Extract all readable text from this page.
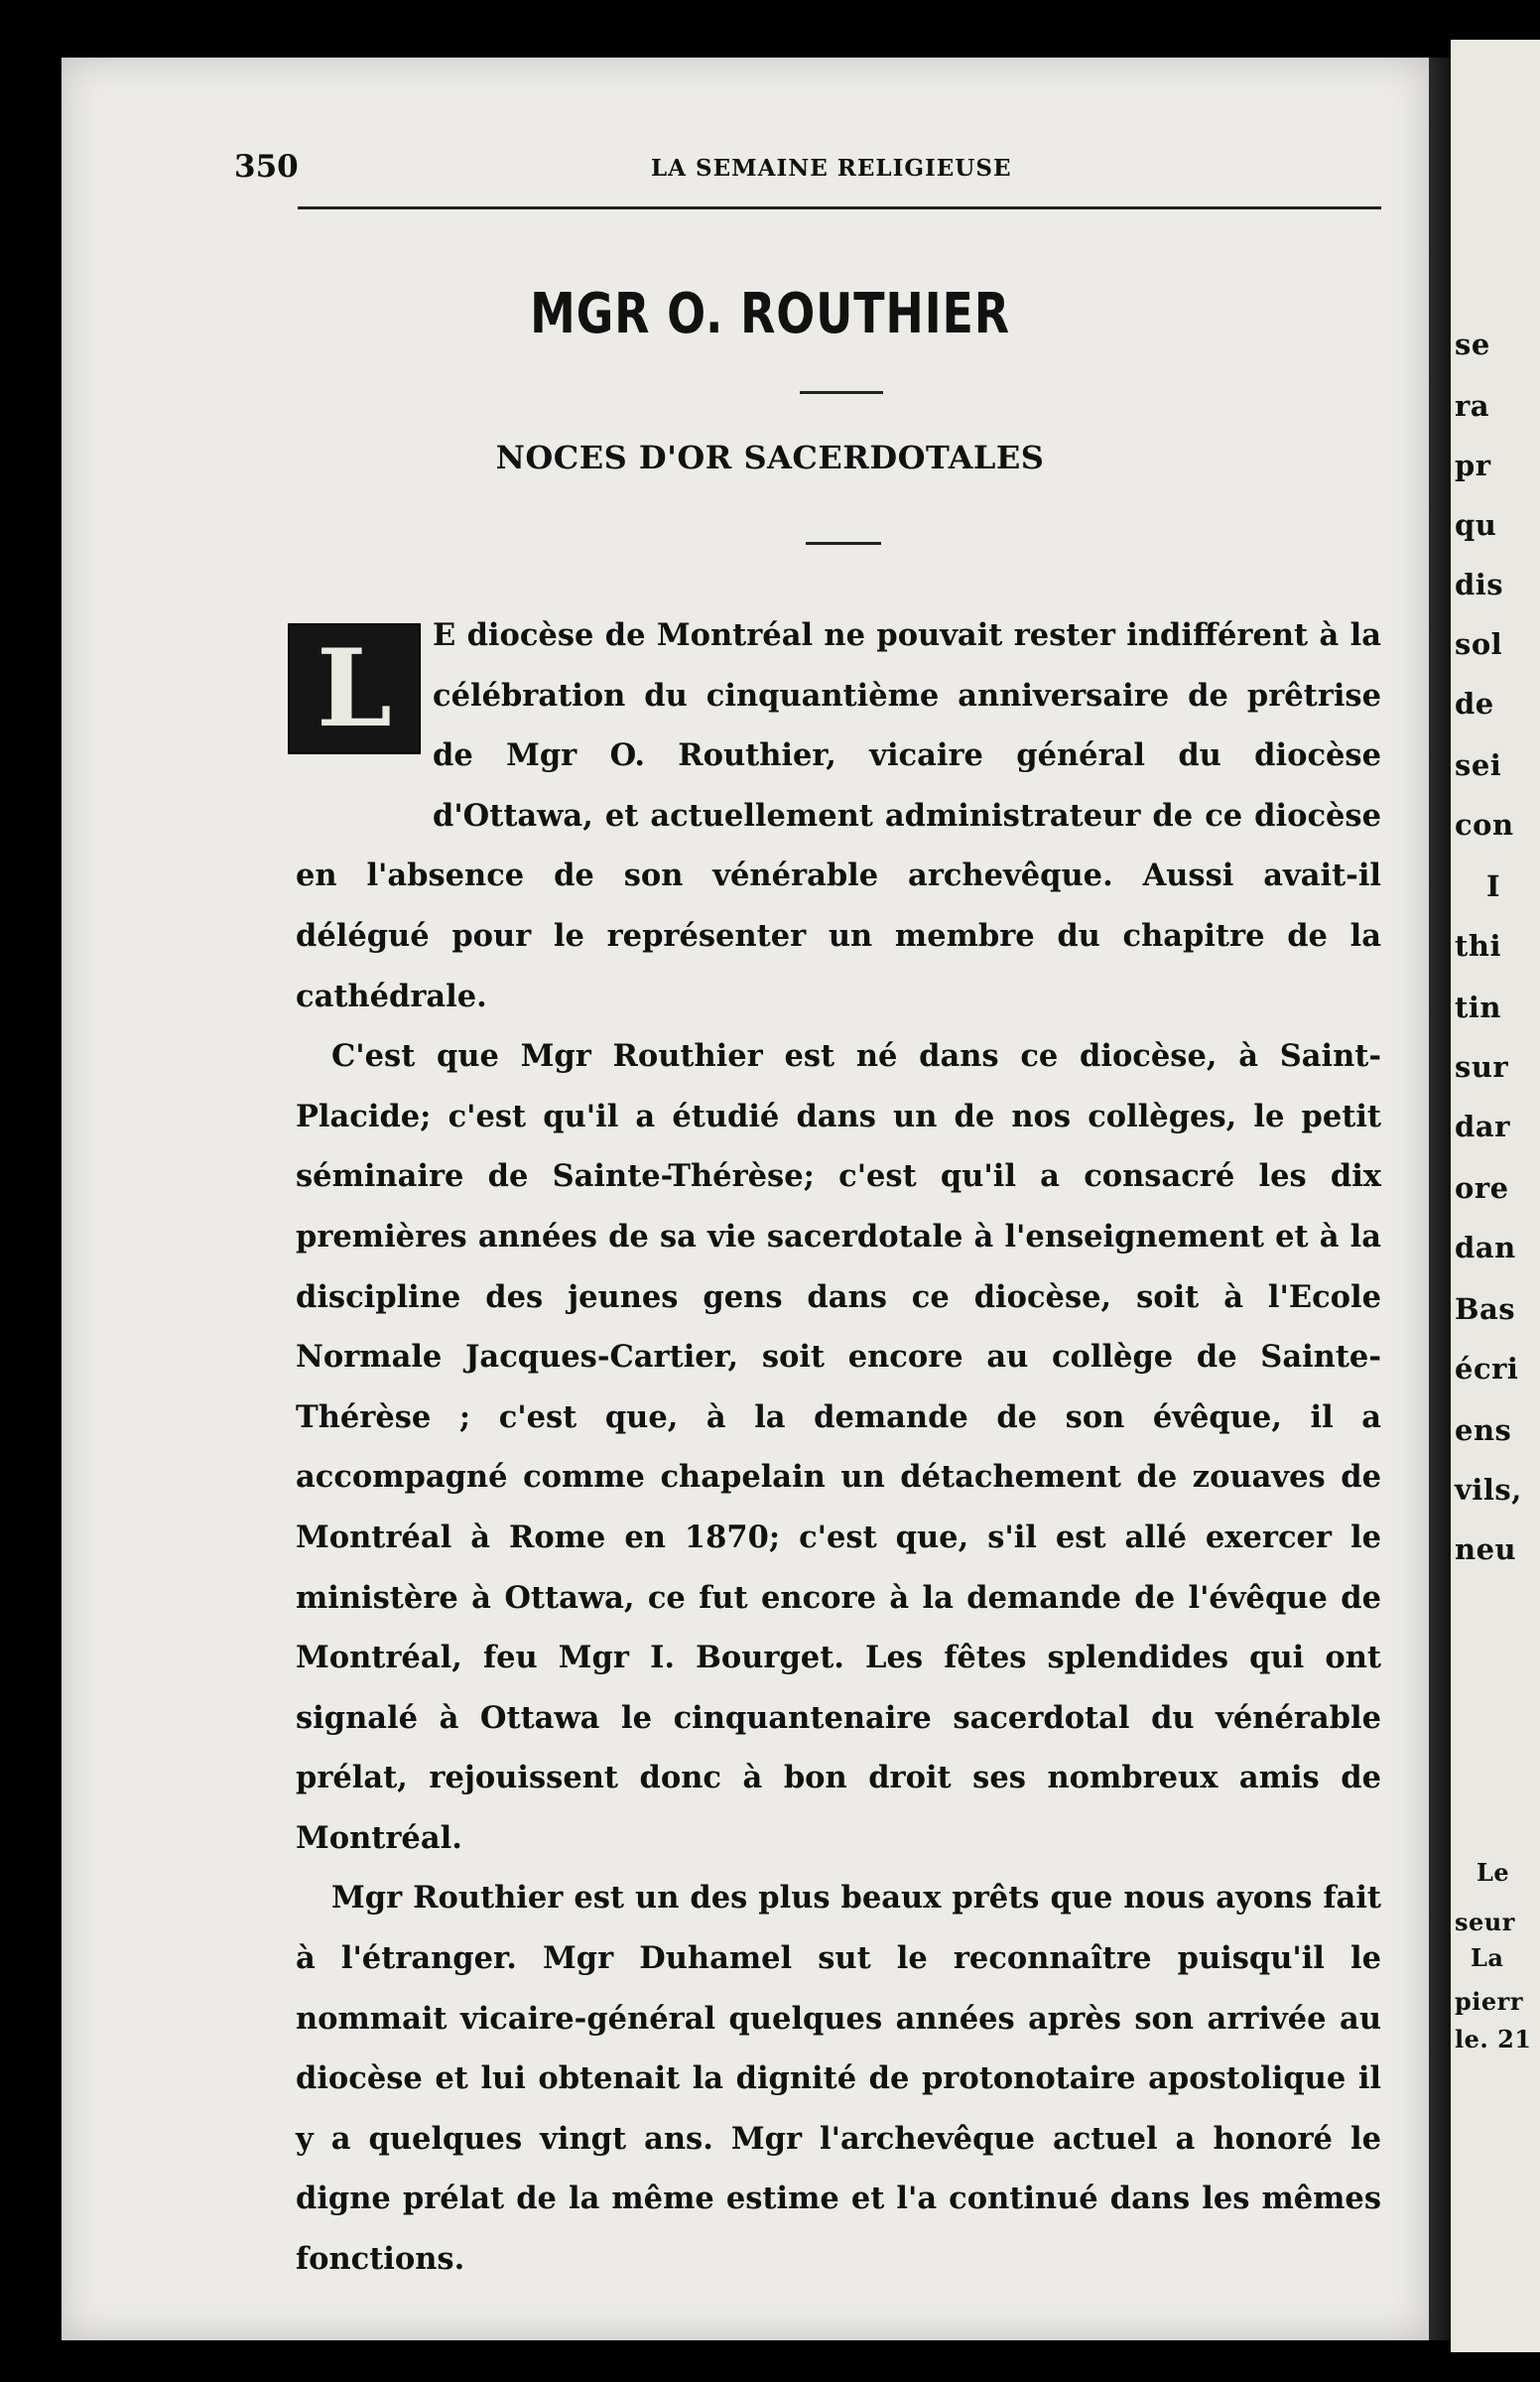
se
ra
pr
qu
dis
sol
de
sei
con
I
thi
tin
sur
dar
ore
dan
Bas
écri
ens
vils,
neu
Le
seur
La
pierr
le. 21
350	LA SEMAINE RELIGIEUSE
MGR O. ROUTHIER
NOCES D'OR SACERDOTALES
L	E diocèse de Montréal ne pouvait rester indifférent à la célébration du cinquantième anniversaire de prêtrise de Mgr O. Routhier, vicaire général du diocèse d'Ottawa, et actuellement administrateur de ce diocèse en l'absence de son vénérable archevêque. Aussi avait-il délégué pour le représenter un membre du chapitre de la cathédrale.

C'est que Mgr Routhier est né dans ce diocèse, à Saint-Placide; c'est qu'il a étudié dans un de nos collèges, le petit séminaire de Sainte-Thérèse; c'est qu'il a consacré les dix premières années de sa vie sacerdotale à l'enseignement et à la discipline des jeunes gens dans ce diocèse, soit à l'Ecole Normale Jacques-Cartier, soit encore au collège de Sainte-Thérèse ; c'est que, à la demande de son évêque, il a accompagné comme chapelain un détachement de zouaves de Montréal à Rome en 1870; c'est que, s'il est allé exercer le ministère à Ottawa, ce fut encore à la demande de l'évêque de Montréal, feu Mgr I. Bourget. Les fêtes splendides qui ont signalé à Ottawa le cinquantenaire sacerdotal du vénérable prélat, rejouissent donc à bon droit ses nombreux amis de Montréal.

Mgr Routhier est un des plus beaux prêts que nous ayons fait à l'étranger. Mgr Duhamel sut le reconnaître puisqu'il le nommait vicaire-général quelques années après son arrivée au diocèse et lui obtenait la dignité de protonotaire apostolique il y a quelques vingt ans. Mgr l'archevêque actuel a honoré le digne prélat de la même estime et l'a continué dans les mêmes fonctions.
